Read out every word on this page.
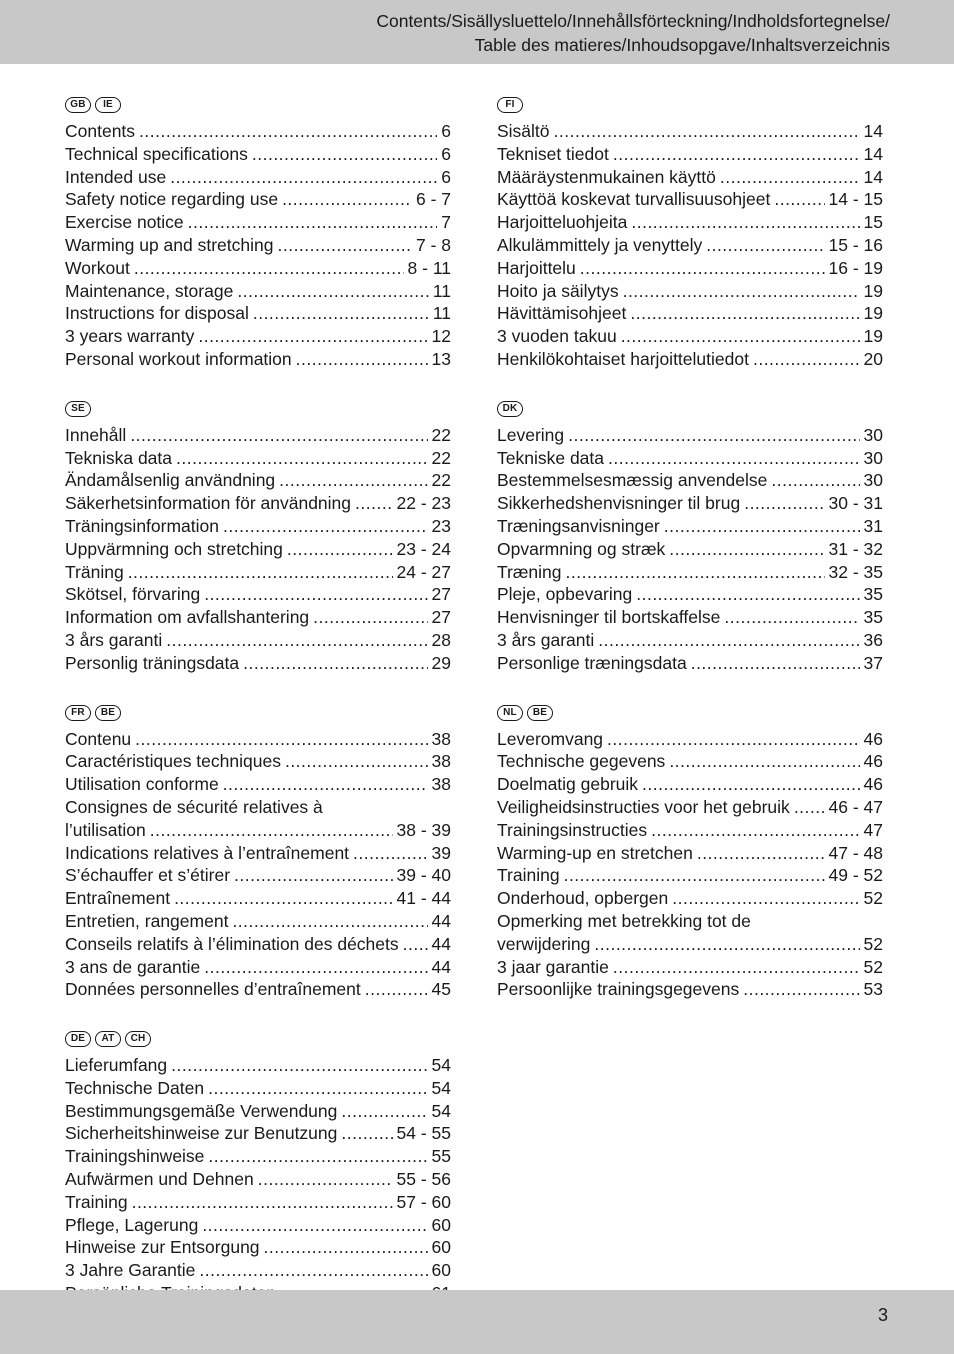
Contents/Sisällysluettelo/Innehållsförteckning/Indholdsfortegnelse/
Table des matieres/Inhoudsopgave/Inhaltsverzeichnis
GB	IE
Contents .....	6
Technical specifications .....	6
Intended use .....	6
Safety notice regarding use .....	6 - 7
Exercise notice .....	7
Warming up and stretching .....	7 - 8
Workout .....	8 - 11
Maintenance, storage .....	11
Instructions for disposal .....	11
3 years warranty .....	12
Personal workout information .....	13
SE
Innehåll .....	22
Tekniska data .....	22
Ändamålsenlig användning .....	22
Säkerhetsinformation för användning .....	22 - 23
Träningsinformation .....	23
Uppvärmning och stretching .....	23 - 24
Träning .....	24 - 27
Skötsel, förvaring .....	27
Information om avfallshantering .....	27
3 års garanti .....	28
Personlig träningsdata .....	29
FR	BE
Contenu .....	38
Caractéristiques techniques .....	38
Utilisation conforme .....	38
Consignes de sécurité relatives à
l’utilisation .....	38 - 39
Indications relatives à l’entraînement .....	39
S’échauffer et s’étirer .....	39 - 40
Entraînement .....	41 - 44
Entretien, rangement .....	44
Conseils relatifs à l’élimination des déchets ..... 44
3 ans de garantie .....	44
Données personnelles d’entraînement .....	45
DE	AT	CH
Lieferumfang .....	54
Technische Daten .....	54
Bestimmungsgemäße Verwendung .....	54
Sicherheitshinweise zur Benutzung .....	54 - 55
Trainingshinweise .....	55
Aufwärmen und Dehnen .....	55 - 56
Training .....	57 - 60
Pflege, Lagerung .....	60
Hinweise zur Entsorgung .....	60
3 Jahre Garantie .....	60
.....
FI
Sisältö .....	14
Tekniset tiedot .....	14
Määräystenmukainen käyttö .....	14
Käyttöä koskevat turvallisuusohjeet .....	14 - 15
Harjoitteluohjeita .....	15
Alkulämmittely ja venyttely .....	15 - 16
Harjoittelu .....	16 - 19
Hoito ja säilytys .....	19
Hävittämisohjeet .....	19
3 vuoden takuu .....	19
Henkilökohtaiset harjoittelutiedot .....	20
DK
Levering .....	30
Tekniske data .....	30
Bestemmelsesmæssig anvendelse .....	30
Sikkerhedshenvisninger til brug .....	30 - 31
Træningsanvisninger .....	31
Opvarmning og stræk .....	31 - 32
Træning .....	32 - 35
Pleje, opbevaring .....	35
Henvisninger til bortskaffelse .....	35
3 års garanti .....	36
Personlige træningsdata .....	37
NL	BE
Leveromvang .....	46
Technische gegevens .....	46
Doelmatig gebruik .....	46
Veiligheidsinstructies voor het gebruik ..... 46 - 47
Trainingsinstructies .....	47
Warming-up en stretchen .....	47 - 48
Training .....	49 - 52
Onderhoud, opbergen .....	52
Opmerking met betrekking tot de
verwijdering .....	52
3 jaar garantie .....	52
Persoonlijke trainingsgegevens .....	53
3
